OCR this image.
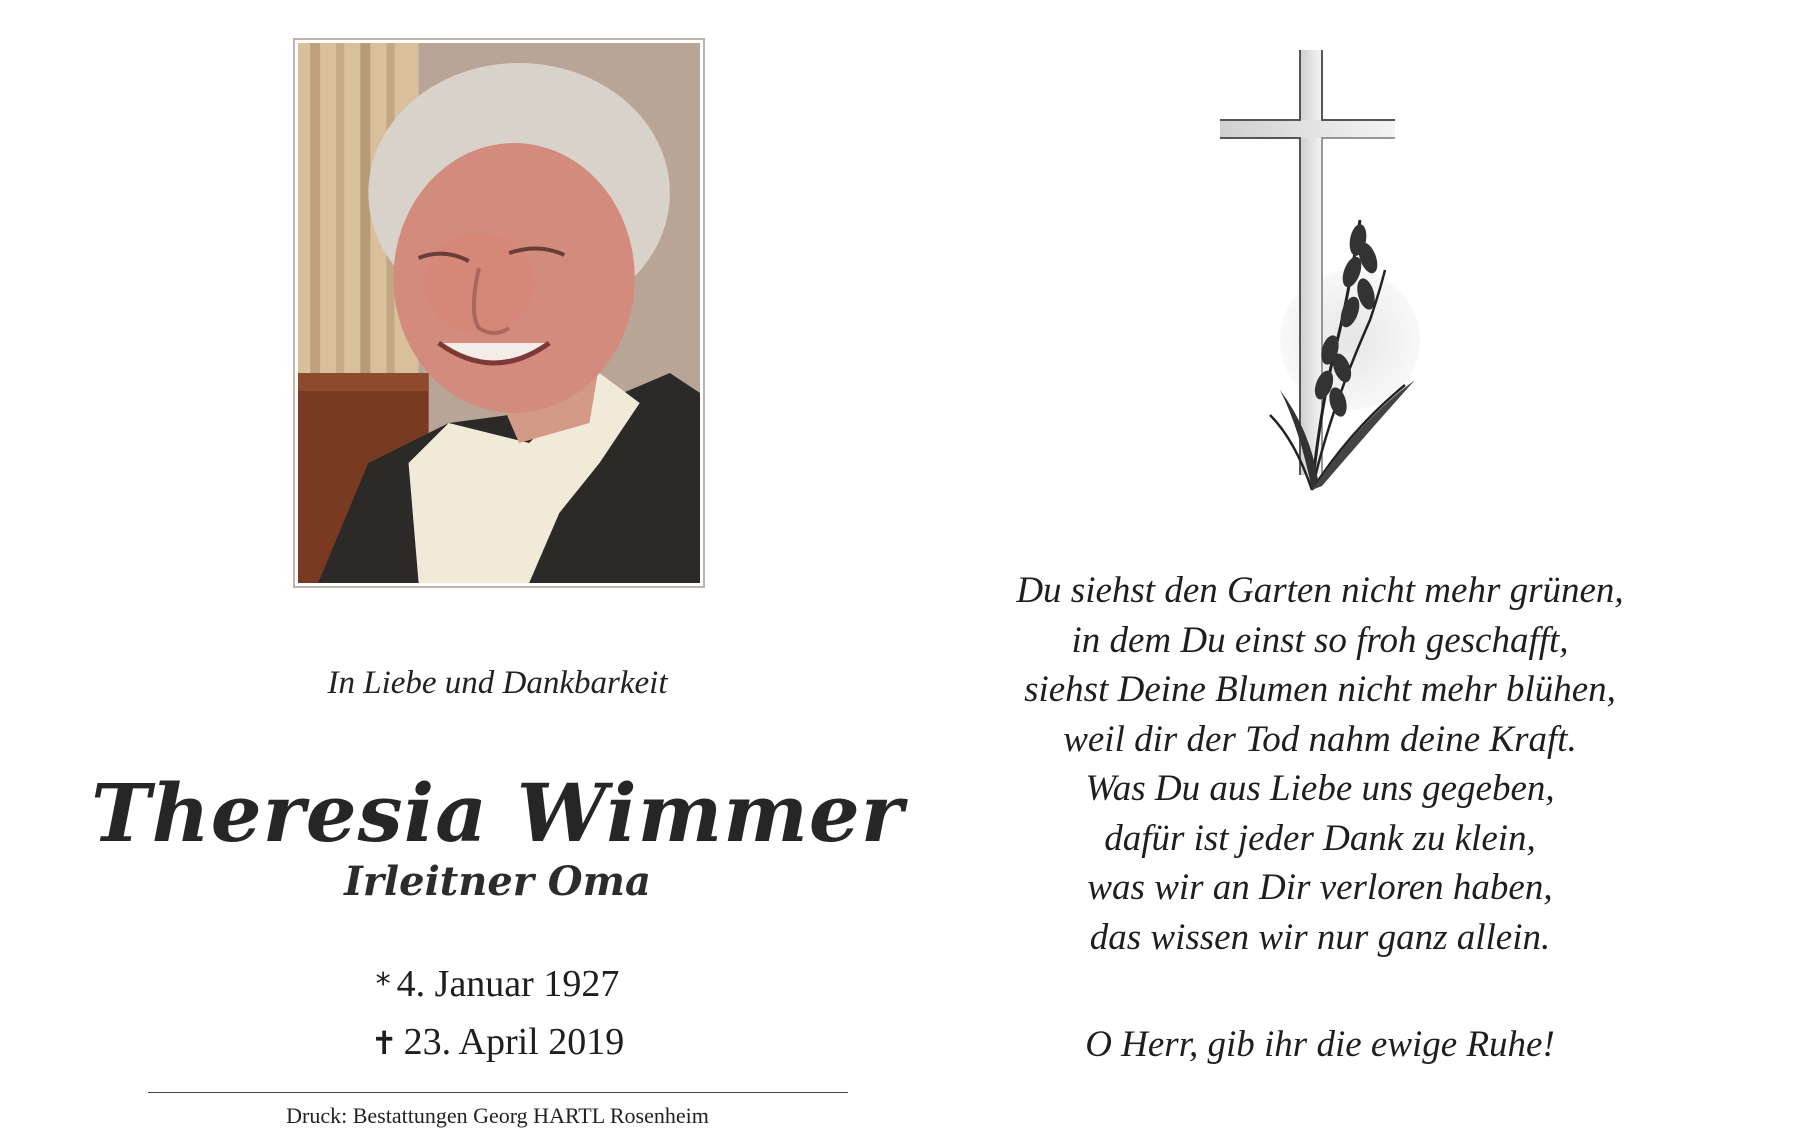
In Liebe und Dankbarkeit
Theresia Wimmer
Irleitner Oma
* 4. Januar 1927
✝ 23. April 2019
Druck: Bestattungen Georg HARTL Rosenheim
Du siehst den Garten nicht mehr grünen,
in dem Du einst so froh geschafft,
siehst Deine Blumen nicht mehr blühen,
weil dir der Tod nahm deine Kraft.
Was Du aus Liebe uns gegeben,
dafür ist jeder Dank zu klein,
was wir an Dir verloren haben,
das wissen wir nur ganz allein.
O Herr, gib ihr die ewige Ruhe!
